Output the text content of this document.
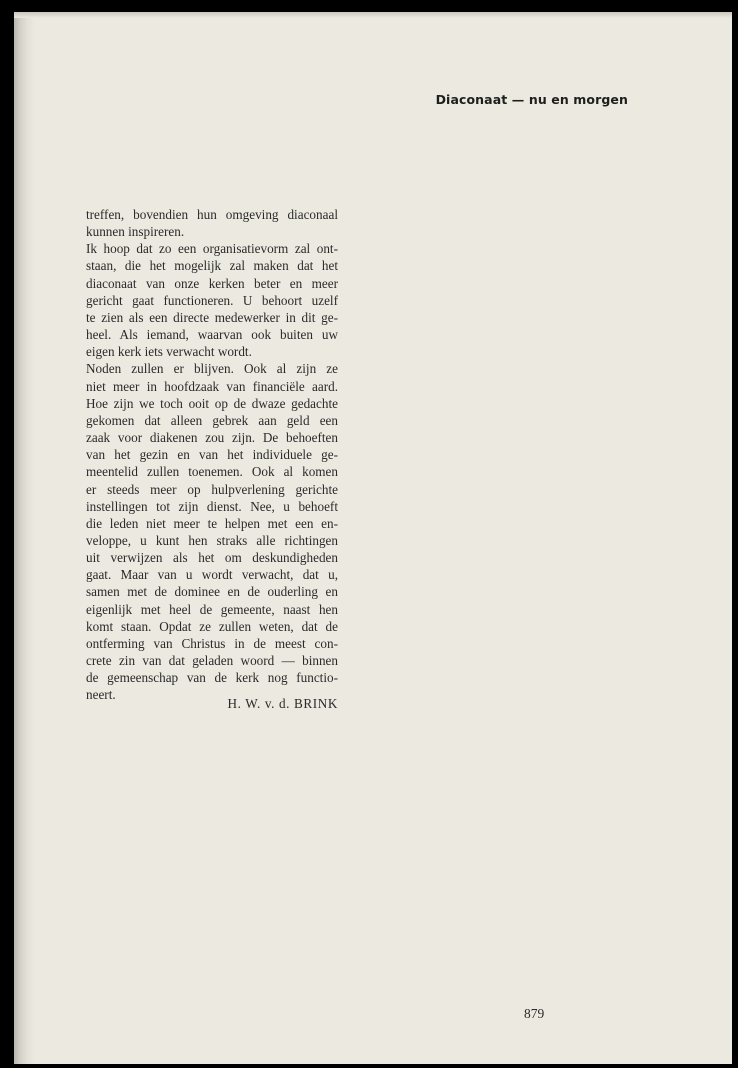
Diaconaat — nu en morgen
treffen, bovendien hun omgeving diaconaal
kunnen inspireren.
Ik hoop dat zo een organisatievorm zal ont-
staan, die het mogelijk zal maken dat het
diaconaat van onze kerken beter en meer
gericht gaat functioneren. U behoort uzelf
te zien als een directe medewerker in dit ge-
heel. Als iemand, waarvan ook buiten uw
eigen kerk iets verwacht wordt.
Noden zullen er blijven. Ook al zijn ze
niet meer in hoofdzaak van financiële aard.
Hoe zijn we toch ooit op de dwaze gedachte
gekomen dat alleen gebrek aan geld een
zaak voor diakenen zou zijn. De behoeften
van het gezin en van het individuele ge-
meentelid zullen toenemen. Ook al komen
er steeds meer op hulpverlening gerichte
instellingen tot zijn dienst. Nee, u behoeft
die leden niet meer te helpen met een en-
veloppe, u kunt hen straks alle richtingen
uit verwijzen als het om deskundigheden
gaat. Maar van u wordt verwacht, dat u,
samen met de dominee en de ouderling en
eigenlijk met heel de gemeente, naast hen
komt staan. Opdat ze zullen weten, dat de
ontferming van Christus in de meest con-
crete zin van dat geladen woord — binnen
de gemeenschap van de kerk nog functio-
neert.
H. W. v. d. BRINK
879
